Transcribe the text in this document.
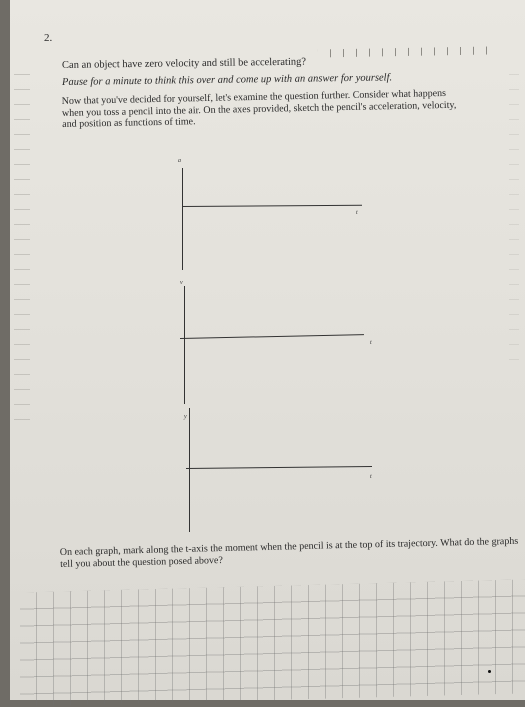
2.
Can an object have zero velocity and still be accelerating?
Pause for a minute to think this over and come up with an answer for yourself.
Now that you've decided for yourself, let's examine the question further. Consider what happens when you toss a pencil into the air. On the axes provided, sketch the pencil's acceleration, velocity, and position as functions of time.
a
t
v
t
y
t
On each graph, mark along the t-axis the moment when the pencil is at the top of its trajectory. What do the graphs tell you about the question posed above?
